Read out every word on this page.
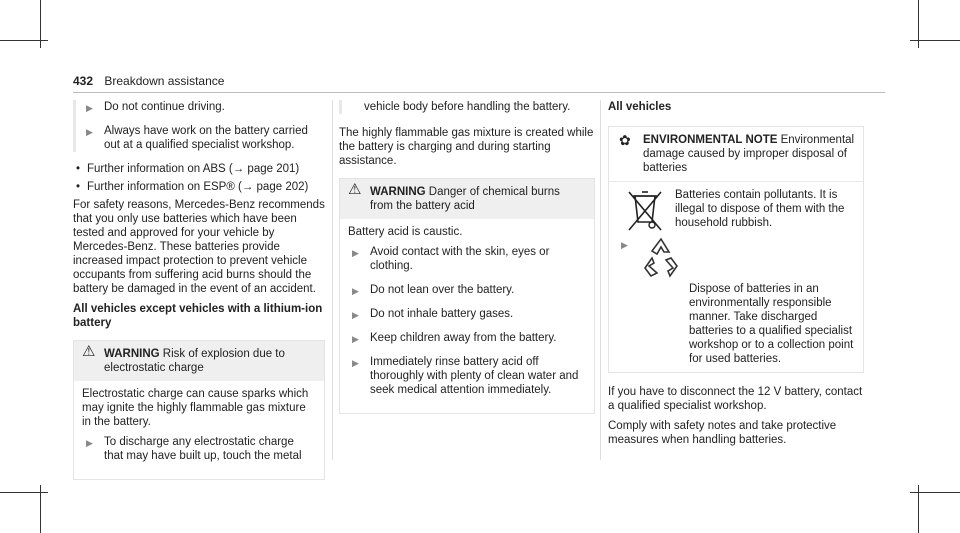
432 Breakdown assistance
▶ Do not continue driving.
▶ Always have work on the battery carried out at a qualified specialist workshop.
• Further information on ABS (→ page 201)
• Further information on ESP® (→ page 202)

For safety reasons, Mercedes-Benz recommends that you only use batteries which have been tested and approved for your vehicle by Mercedes-Benz. These batteries provide increased impact protection to prevent vehicle occupants from suffering acid burns should the battery be damaged in the event of an accident.

All vehicles except vehicles with a lithium-ion battery

⚠ WARNING Risk of explosion due to electrostatic charge

Electrostatic charge can cause sparks which may ignite the highly flammable gas mixture in the battery.

▶ To discharge any electrostatic charge that may have built up, touch the metal
vehicle body before handling the battery.

The highly flammable gas mixture is created while the battery is charging and during starting assistance.

⚠ WARNING Danger of chemical burns from the battery acid

Battery acid is caustic.

▶ Avoid contact with the skin, eyes or clothing.
▶ Do not lean over the battery.
▶ Do not inhale battery gases.
▶ Keep children away from the battery.
▶ Immediately rinse battery acid off thoroughly with plenty of clean water and seek medical attention immediately.

All vehicles

✿ ENVIRONMENTAL NOTE Environmental damage caused by improper disposal of batteries
Batteries contain pollutants. It is illegal to dispose of them with the household rubbish.
▶
Dispose of batteries in an environmentally responsible manner. Take discharged batteries to a qualified specialist workshop or to a collection point for used batteries.

If you have to disconnect the 12 V battery, contact a qualified specialist workshop.

Comply with safety notes and take protective measures when handling batteries.
